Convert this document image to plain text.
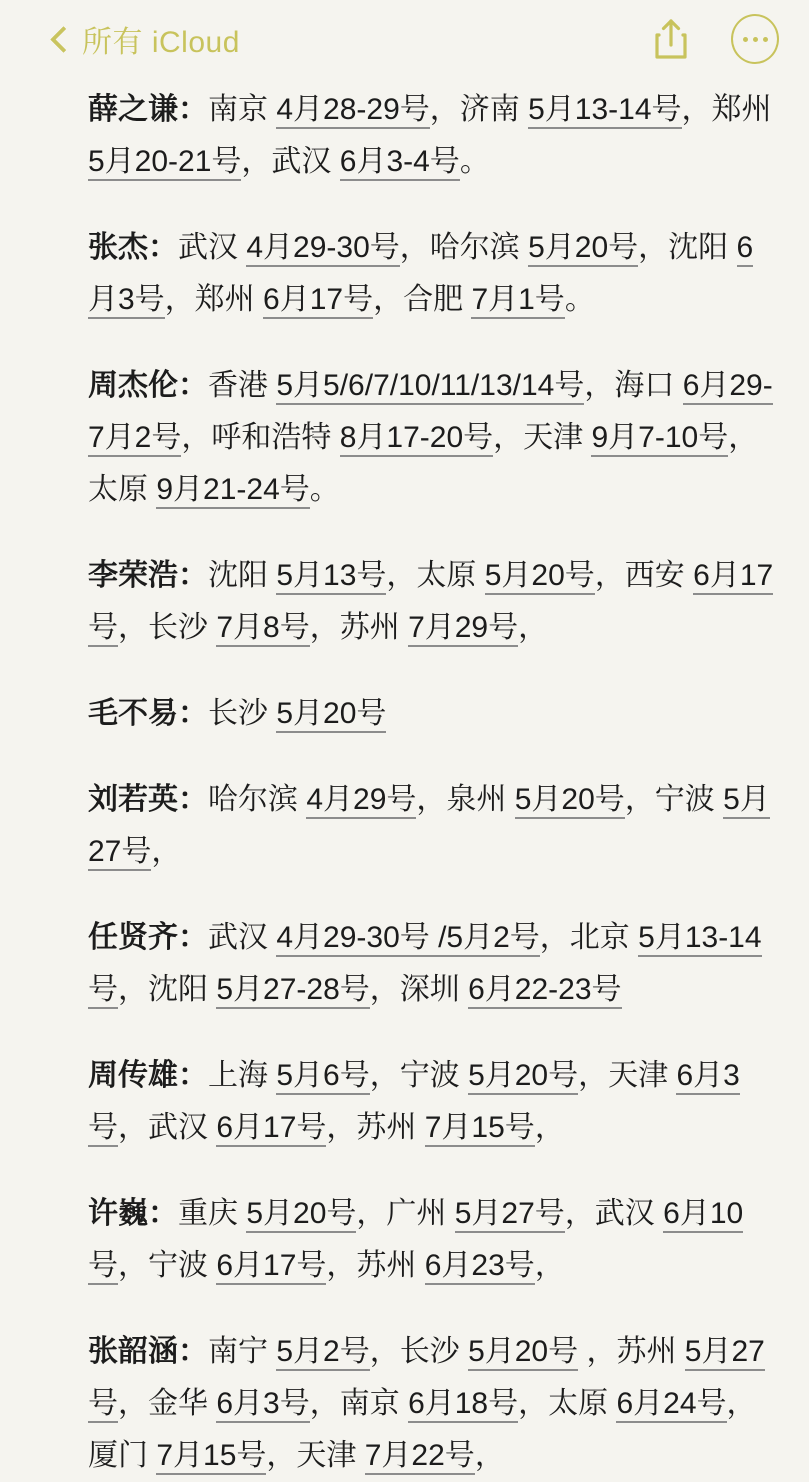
所有 iCloud

薛之谦：南京 4月28-29号，济南 5月13-14号，郑州 5月20-21号，武汉 6月3-4号。

张杰：武汉 4月29-30号，哈尔滨 5月20号，沈阳 6月3号，郑州 6月17号，合肥 7月1号。

周杰伦：香港 5月5/6/7/10/11/13/14号，海口 6月29-7月2号，呼和浩特 8月17-20号，天津 9月7-10号，太原 9月21-24号。

李荣浩：沈阳 5月13号，太原 5月20号，西安 6月17号，长沙 7月8号，苏州 7月29号，

毛不易：长沙 5月20号

刘若英：哈尔滨 4月29号，泉州 5月20号，宁波 5月27号，

任贤齐：武汉 4月29-30号 /5月2号，北京 5月13-14号，沈阳 5月27-28号，深圳 6月22-23号

周传雄：上海 5月6号，宁波 5月20号，天津 6月3号，武汉 6月17号，苏州 7月15号，

许巍：重庆 5月20号，广州 5月27号，武汉 6月10号，宁波 6月17号，苏州 6月23号，

张韶涵：南宁 5月2号，长沙 5月20号 ，苏州 5月27号，金华 6月3号，南京 6月18号，太原 6月24号，厦门 7月15号，天津 7月22号，
